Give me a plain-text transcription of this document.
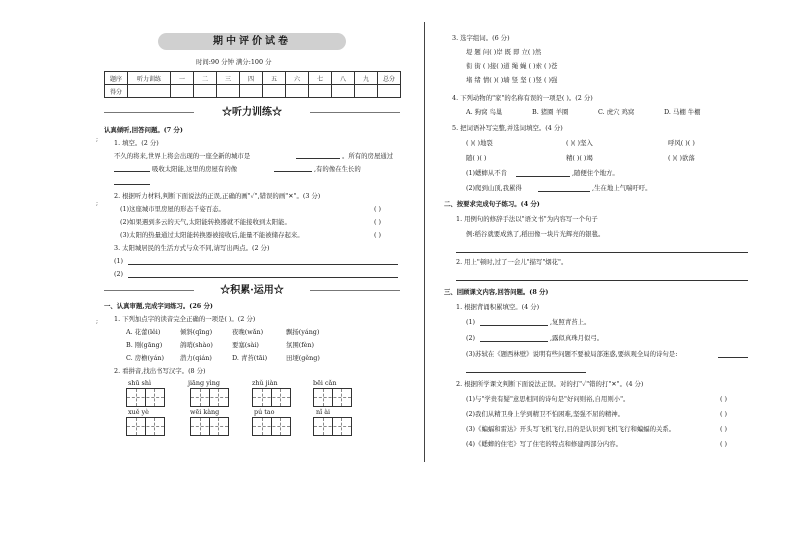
期中评价试卷
时间:90 分钟 满分:100 分
题序	听力训练	一	二	三	四	五	六	七	八	九	总分
得分											
☆听力训练☆
认真倾听,回答问题。(7 分)
1. 填空。(2 分)
不久的将来,世界上将会出现的一座全新的城市是	。所有的房屋通过
吸收太阳能,这里的房屋有的像	,有的像在生长的
2. 根据听力材料,判断下面说法的正误,正确的画"✓",错误的画"✕"。(3 分)
(1)这座城市里房屋的形态千姿百态。	( )
(2)如果遇到多云的天气,太阳能转换器就不能接收到太阳能。	( )
(3)太阳的热量通过太阳能转换器被接收后,能量不能被储存起来。	( )
3. 太阳城居民的生活方式与众不同,请写出两点。(2 分)
(1)
(2)
☆积累·运用☆
一、认真审题,完成字词练习。(26 分)
1. 下列加点字的读音完全正确的一项是( )。(2 分)
A. 花蕾(lěi)	倾斜(qīng)	夜晚(wǎn)	飘扬(yáng)
B. 刚(gāng)	鸽哨(shào)	要塞(sài)	氛围(fèn)
C. 房檐(yán) 潜力(qián)	D. 青苔(tāi)	田埂(gěng)
2. 看拼音,找出书写汉字。(8 分)
shū shì	jiāng yìng	zhǔ jiàn	bēi cǎn
xuě yè	wēi kàng	pú tao	nǐ ài
;
;
;
3. 选字组词。(6 分)
堤 题 问( )岸 既 即 立( )然
衔 街 ( )接( )道 绳 蝇 ( )索 ( )苍
堵 绪 情( )( )墙 竖 坚 ( )竖 ( )强
4. 下列动物的"家"的名称有误的一项是( )。(2 分)
A. 狗窝 鸟巢	B. 猪圈 羊圈	C. 虎穴 鸡窝	D. 马棚 牛棚
5. 把词语补写完整,并选词填空。(4 分)
( )( )地裂	( )( )坚入	呼风( )( )
随( )( )	精( )( )竭	( )( )欲落
(1)蟋蟀从不肯	,随便住个地方。
(2)爬到山顶,我累得	,生在地上气喘吁吁。
二、按要求完成句子练习。(4 分)
1. 用例句的修辞手法以"语文书"为内容写一个句子
例:稻谷就要成熟了,稻田像一块片光辉亮的银毯。
2. 用上"顿时,过了一会儿"描写"烟花"。
三、回顾课文内容,回答问题。(8 分)
1. 根据背诵积累填空。(4 分)
(1)	,复照青苔上。
(2)	,露似真珠月似弓。
(3)苏轼在《题西林壁》说明有些问题不要被局部迷惑,要纵观全局的诗句是:
2. 根据所学课文判断下面说法正误。对的打"✓"错的打"✕"。(4 分)
(1)与"学贵有疑"意思相同的诗句是"好问则裕,自用则小"。	( )
(2)我们从精卫身上学到精卫不怕困难,坚强不屈的精神。	( )
(3)《蝙蝠和雷达》开头写飞机飞行,目的是认识到飞机飞行和蝙蝠的关系。	( )
(4)《蟋蟀的住宅》写了住宅的特点和修建两部分内容。	( )
